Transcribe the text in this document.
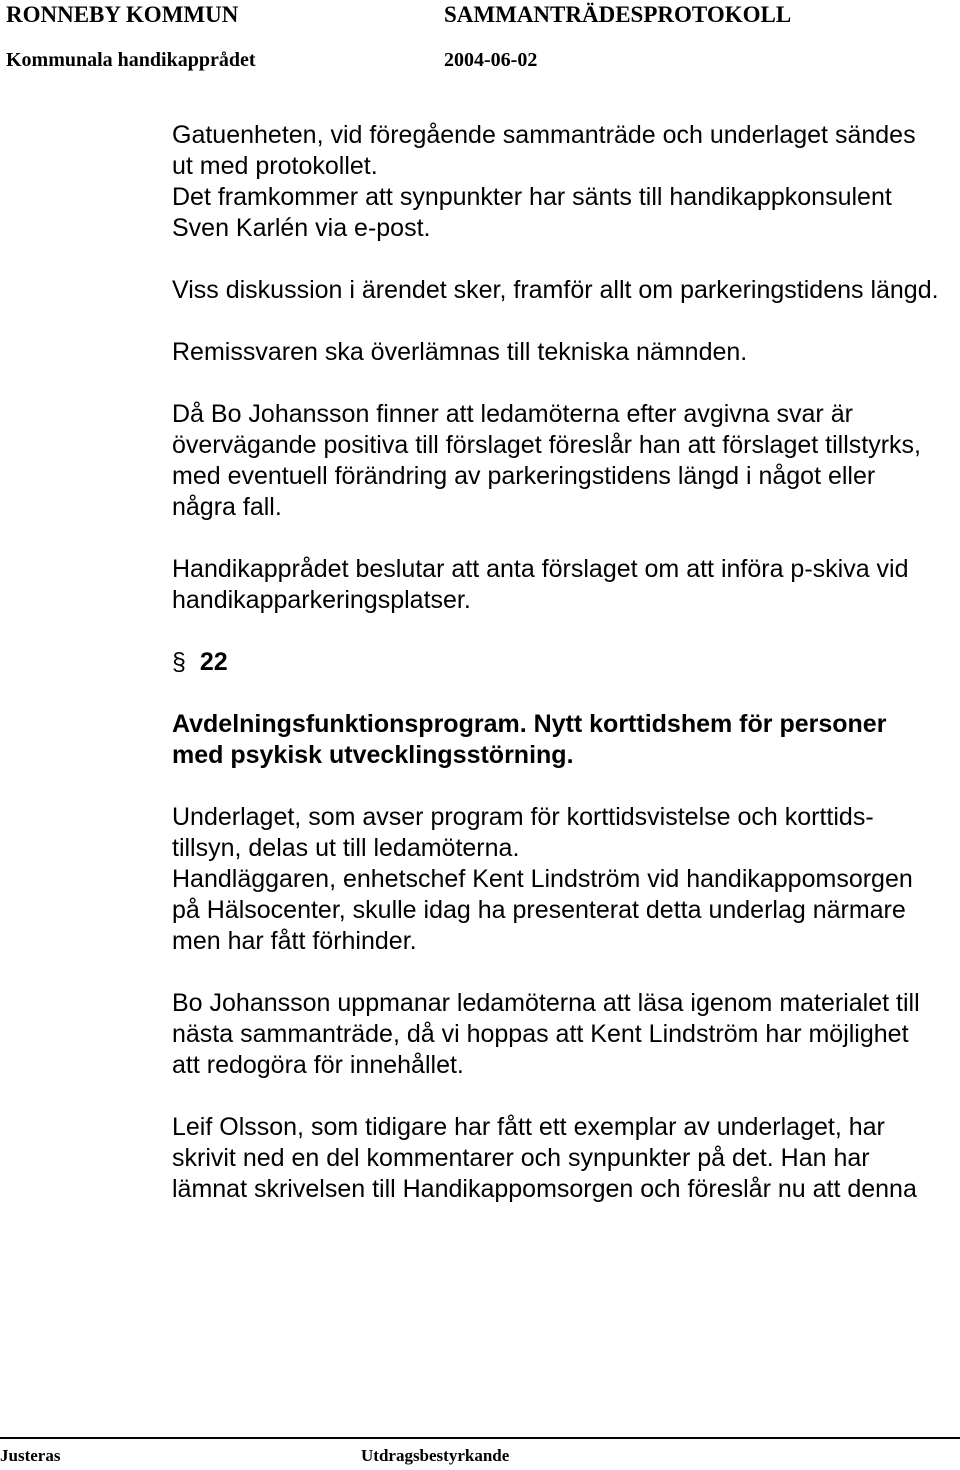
RONNEBY KOMMUN	SAMMANTRÄDESPROTOKOLL
Kommunala handikapprådet	2004-06-02

Gatuenheten, vid föregående sammanträde och underlaget sändes ut med protokollet.

Det framkommer att synpunkter har sänts till handikappkonsulent Sven Karlén via e-post.

Viss diskussion i ärendet sker, framför allt om parkeringstidens längd.

Remissvaren ska överlämnas till tekniska nämnden.

Då Bo Johansson finner att ledamöterna efter avgivna svar är övervägande positiva till förslaget föreslår han att förslaget tillstyrks, med eventuell förändring av parkeringstidens längd i något eller några fall.

Handikapprådet beslutar att anta förslaget om att införa p-skiva vid handikapparkeringsplatser.

§ 22

Avdelningsfunktionsprogram. Nytt korttidshem för personer med psykisk utvecklingsstörning.

Underlaget, som avser program för korttidsvistelse och korttids- tillsyn, delas ut till ledamöterna.

Handläggaren, enhetschef Kent Lindström vid handikappomsorgen på Hälsocenter, skulle idag ha presenterat detta underlag närmare men har fått förhinder.

Bo Johansson uppmanar ledamöterna att läsa igenom materialet till nästa sammanträde, då vi hoppas att Kent Lindström har möjlighet att redogöra för innehållet.

Leif Olsson, som tidigare har fått ett exemplar av underlaget, har skrivit ned en del kommentarer och synpunkter på det. Han har lämnat skrivelsen till Handikappomsorgen och föreslår nu att denna

Justeras	Utdragsbestyrkande
